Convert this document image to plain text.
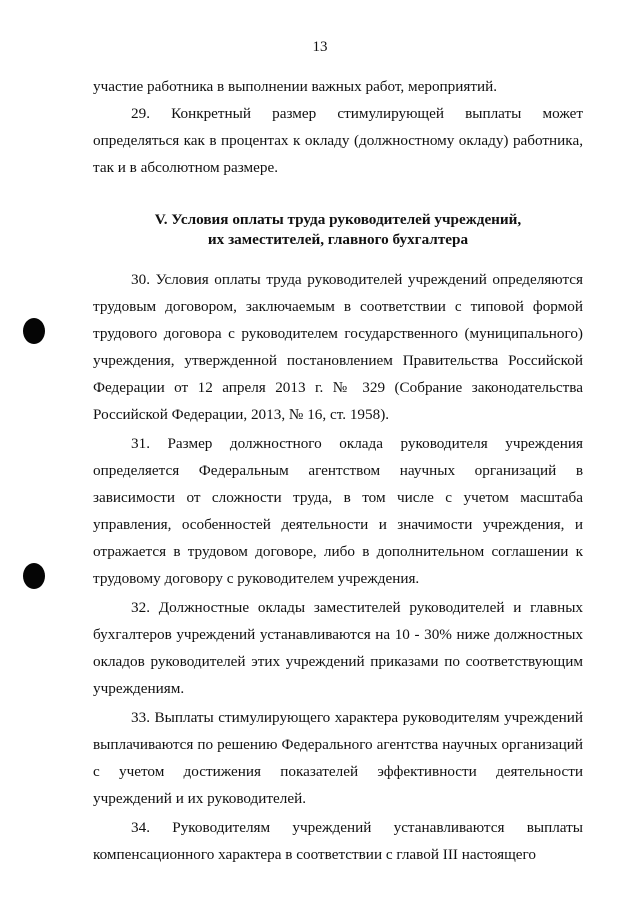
13

участие работника в выполнении важных работ, мероприятий.

29. Конкретный размер стимулирующей выплаты может определяться как в процентах к окладу (должностному окладу) работника, так и в абсолютном размере.

V. Условия оплаты труда руководителей учреждений,
их заместителей, главного бухгалтера

30. Условия оплаты труда руководителей учреждений определяются трудовым договором, заключаемым в соответствии с типовой формой трудового договора с руководителем государственного (муниципального) учреждения, утвержденной постановлением Правительства Российской Федерации от 12 апреля 2013 г. № 329 (Собрание законодательства Российской Федерации, 2013, № 16, ст. 1958).

31. Размер должностного оклада руководителя учреждения определяется Федеральным агентством научных организаций в зависимости от сложности труда, в том числе с учетом масштаба управления, особенностей деятельности и значимости учреждения, и отражается в трудовом договоре, либо в дополнительном соглашении к трудовому договору с руководителем учреждения.

32. Должностные оклады заместителей руководителей и главных бухгалтеров учреждений устанавливаются на 10 - 30% ниже должностных окладов руководителей этих учреждений приказами по соответствующим учреждениям.

33. Выплаты стимулирующего характера руководителям учреждений выплачиваются по решению Федерального агентства научных организаций с учетом достижения показателей эффективности деятельности учреждений и их руководителей.

34. Руководителям учреждений устанавливаются выплаты компенсационного характера в соответствии с главой III настоящего
